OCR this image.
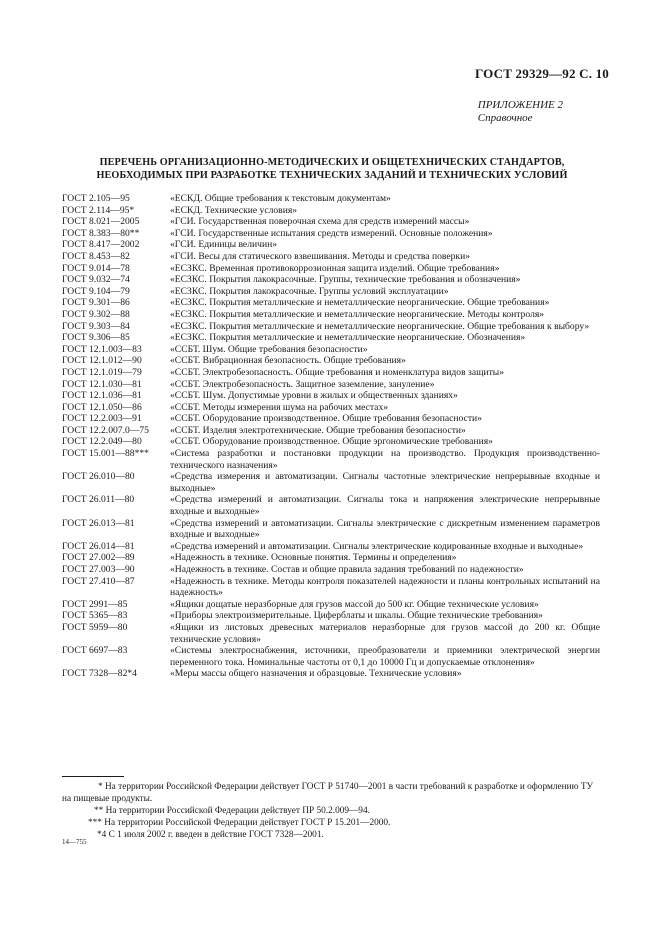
ГОСТ 29329—92 С. 10
ПРИЛОЖЕНИЕ 2
Справочное
ПЕРЕЧЕНЬ ОРГАНИЗАЦИОННО-МЕТОДИЧЕСКИХ И ОБЩЕТЕХНИЧЕСКИХ СТАНДАРТОВ, НЕОБХОДИМЫХ ПРИ РАЗРАБОТКЕ ТЕХНИЧЕСКИХ ЗАДАНИЙ И ТЕХНИЧЕСКИХ УСЛОВИЙ
ГОСТ 2.105—95	«ЕСКД. Общие требования к текстовым документам»
ГОСТ 2.114—95*	«ЕСКД. Технические условия»
ГОСТ 8.021—2005	«ГСИ. Государственная поверочная схема для средств измерений массы»
ГОСТ 8.383—80**	«ГСИ. Государственные испытания средств измерений. Основные положения»
ГОСТ 8.417—2002	«ГСИ. Единицы величин»
ГОСТ 8.453—82	«ГСИ. Весы для статического взвешивания. Методы и средства поверки»
ГОСТ 9.014—78	«ЕСЗКС. Временная противокоррозионная защита изделий. Общие требования»
ГОСТ 9.032—74	«ЕСЗКС. Покрытия лакокрасочные. Группы, технические требования и обозначения»
ГОСТ 9.104—79	«ЕСЗКС. Покрытия лакокрасочные. Группы условий эксплуатации»
ГОСТ 9.301—86	«ЕСЗКС. Покрытия металлические и неметаллические неорганические. Общие требования»
ГОСТ 9.302—88	«ЕСЗКС. Покрытия металлические и неметаллические неорганические. Методы контроля»
ГОСТ 9.303—84	«ЕСЗКС. Покрытия металлические и неметаллические неорганические. Общие требования к выбору»
ГОСТ 9.306—85	«ЕСЗКС. Покрытия металлические и неметаллические неорганические. Обозначения»
ГОСТ 12.1.003—83	«ССБТ. Шум. Общие требования безопасности»
ГОСТ 12.1.012—90	«ССБТ. Вибрационная безопасность. Общие требования»
ГОСТ 12.1.019—79	«ССБТ. Электробезопасность. Общие требования и номенклатура видов защиты»
ГОСТ 12.1.030—81	«ССБТ. Электробезопасность. Защитное заземление, зануление»
ГОСТ 12.1.036—81	«ССБТ. Шум. Допустимые уровни в жилых и общественных зданиях»
ГОСТ 12.1.050—86	«ССБТ. Методы измерения шума на рабочих местах»
ГОСТ 12.2.003—91	«ССБТ. Оборудование производственное. Общие требования безопасности»
ГОСТ 12.2.007.0—75	«ССБТ. Изделия электротехнические. Общие требования безопасности»
ГОСТ 12.2.049—80	«ССБТ. Оборудование производственное. Общие эргономические требования»
ГОСТ 15.001—88***	«Система разработки и постановки продукции на производство. Продукция производственно-технического назначения»
ГОСТ 26.010—80	«Средства измерения и автоматизации. Сигналы частотные электрические непрерывные входные и выходные»
ГОСТ 26.011—80	«Средства измерений и автоматизации. Сигналы тока и напряжения электрические непрерывные входные и выходные»
ГОСТ 26.013—81	«Средства измерений и автоматизации. Сигналы электрические с дискретным изменением параметров входные и выходные»
ГОСТ 26.014—81	«Средства измерений и автоматизации. Сигналы электрические кодированные входные и выходные»
ГОСТ 27.002—89	«Надежность в технике. Основные понятия. Термины и определения»
ГОСТ 27.003—90	«Надежность в технике. Состав и общие правила задания требований по надежности»
ГОСТ 27.410—87	«Надежность в технике. Методы контроля показателей надежности и планы контрольных испытаний на надежность»
ГОСТ 2991—85	«Ящики дощатые неразборные для грузов массой до 500 кг. Общие технические условия»
ГОСТ 5365—83	«Приборы электроизмерительные. Циферблаты и шкалы. Общие технические требования»
ГОСТ 5959—80	«Ящики из листовых древесных материалов неразборные для грузов массой до 200 кг. Общие технические условия»
ГОСТ 6697—83	«Системы электроснабжения, источники, преобразователи и приемники электрической энергии переменного тока. Номинальные частоты от 0,1 до 10000 Гц и допускаемые отклонения»
ГОСТ 7328—82*4	«Меры массы общего назначения и образцовые. Технические условия»

* На территории Российской Федерации действует ГОСТ Р 51740—2001 в части требований к разработке и оформлению ТУ на пищевые продукты.

** На территории Российской Федерации действует ПР 50.2.009—94.

*** На территории Российской Федерации действует ГОСТ Р 15.201—2000.

*4 С 1 июля 2002 г. введен в действие ГОСТ 7328—2001.

14—755
